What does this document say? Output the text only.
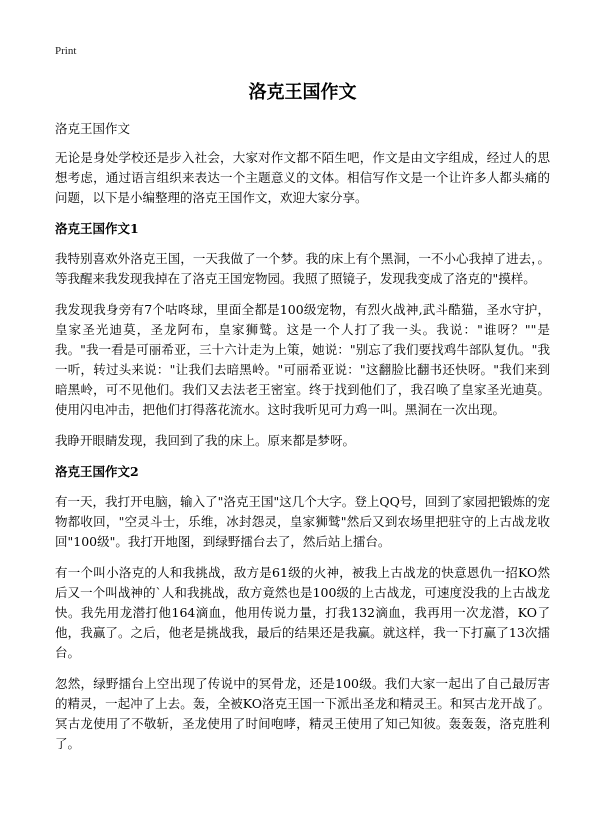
Print
洛克王国作文
洛克王国作文

无论是身处学校还是步入社会，大家对作文都不陌生吧，作文是由文字组成，经过人的思想考虑，通过语言组织来表达一个主题意义的文体。相信写作文是一个让许多人都头痛的问题，以下是小编整理的洛克王国作文，欢迎大家分享。

洛克王国作文1

我特别喜欢外洛克王国，一天我做了一个梦。我的床上有个黑洞，一不小心我掉了进去，。等我醒来我发现我掉在了洛克王国宠物园。我照了照镜子，发现我变成了洛克的"摸样。

我发现我身旁有7个咕咚球，里面全都是100级宠物，有烈火战神,武斗酷猫，圣水守护，皇家圣光迪莫，圣龙阿布，皇家狮鹫。这是一个人打了我一头。我说："谁呀？""是我。"我一看是可丽希亚，三十六计走为上策，她说："别忘了我们要找鸡牛部队复仇。"我一听，转过头来说："让我们去暗黑岭。"可丽希亚说："这翻脸比翻书还快呀。"我们来到暗黑岭，可不见他们。我们又去法老王密室。终于找到他们了，我召唤了皇家圣光迪莫。使用闪电冲击，把他们打得落花流水。这时我听见可力鸡一叫。黑洞在一次出现。

我睁开眼睛发现，我回到了我的床上。原来都是梦呀。

洛克王国作文2

有一天，我打开电脑，输入了"洛克王国"这几个大字。登上QQ号，回到了家园把锻炼的宠物都收回，"空灵斗士，乐维，冰封怨灵，皇家狮鹫"然后又到农场里把驻守的上古战龙收回"100级"。我打开地图，到绿野擂台去了，然后站上擂台。

有一个叫小洛克的人和我挑战，敌方是61级的火神，被我上古战龙的快意恩仇一招KO然后又一个叫战神的`人和我挑战，敌方竟然也是100级的上古战龙，可速度没我的上古战龙快。我先用龙潜打他164滴血，他用传说力量，打我132滴血，我再用一次龙潜，KO了他，我赢了。之后，他老是挑战我，最后的结果还是我赢。就这样，我一下打赢了13次擂台。

忽然，绿野擂台上空出现了传说中的冥骨龙，还是100级。我们大家一起出了自己最厉害的精灵，一起冲了上去。轰，全被KO洛克王国一下派出圣龙和精灵王。和冥古龙开战了。冥古龙使用了不敬斩，圣龙使用了时间咆哮，精灵王使用了知己知彼。轰轰轰，洛克胜利了。
